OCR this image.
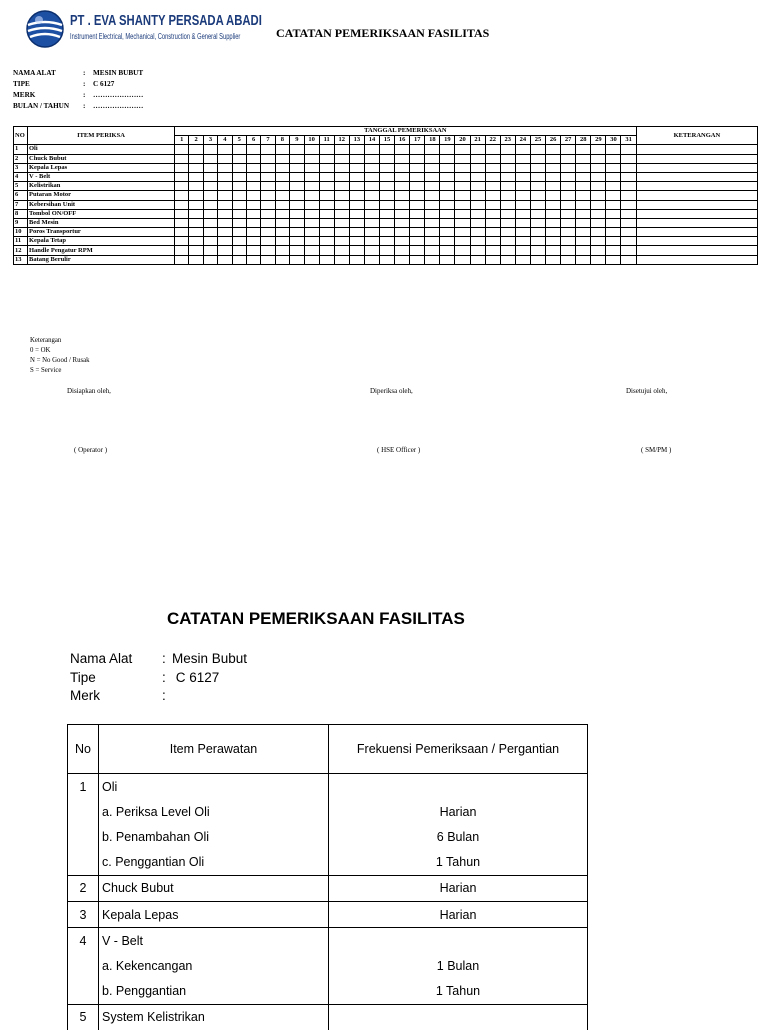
PT . EVA SHANTY PERSADA ABADI
Instrument Electrical, Mechanical, Construction & General Supplier	CATATAN PEMERIKSAAN FASILITAS
NAMA ALAT	:	MESIN BUBUT
TIPE	:	C 6127
MERK	:	…………………
BULAN / TAHUN	:	…………………
NO	ITEM PERIKSA	TANGGAL PEMERIKSAAN																															KETERANGAN
		1	2	3	4	5	6	7	8	9	10	11	12	13	14	15	16	17	18	19	20	21	22	23	24	25	26	27	28	29	30	31	
1	Oli																																
2	Chuck Bubut																																
3	Kepala Lepas																																
4	V - Belt																																
5	Kelistrikan																																
6	Putaran Motor																																
7	Kebersihan Unit																																
8	Tombol ON/OFF																																
9	Bed Mesin																																
10	Poros Transportur																																
11	Kepala Tetap																																
12	Handle Pengatur RPM																																
13	Batang Berulir																																
Keterangan
0 = OK
N = No Good / Rusak
S = Service
Disiapkan oleh,	Diperiksa oleh,	Disetujui oleh,
( Operator )	( HSE Officer )	( SM/PM )
CATATAN PEMERIKSAAN FASILITAS
Nama Alat	: Mesin Bubut
Tipe	: C 6127
Merk	:
No	Item Perawatan	Frekuensi Pemeriksaan / Pergantian
1	Oli	
	a. Periksa Level Oli	Harian
	b. Penambahan Oli	6 Bulan
	c. Penggantian Oli	1 Tahun
2	Chuck Bubut	Harian
3	Kepala Lepas	Harian
4	V - Belt	
	a. Kekencangan	1 Bulan
	b. Penggantian	1 Tahun
5	System Kelistrikan	
